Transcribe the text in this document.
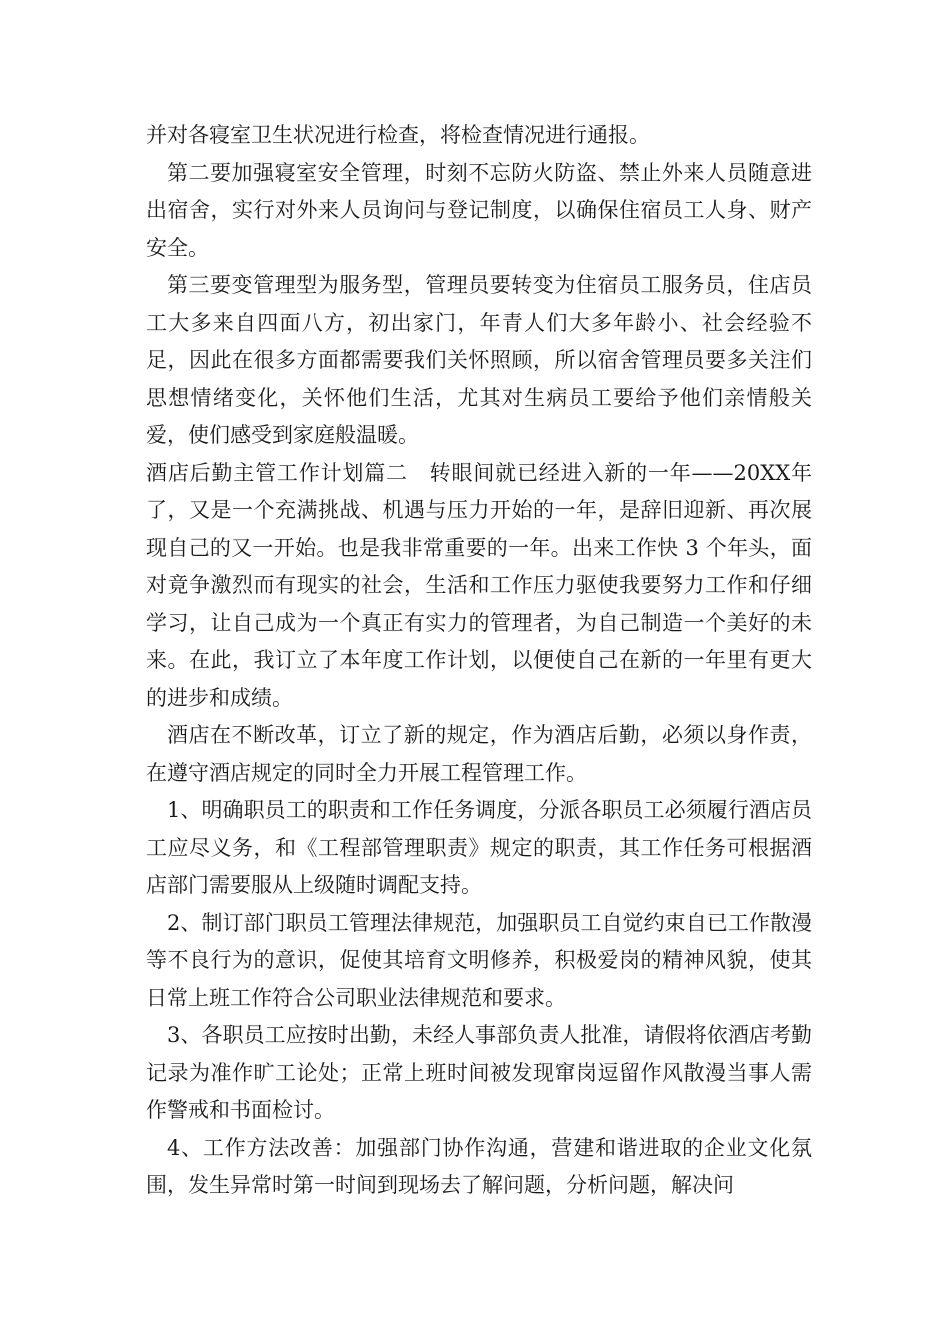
并对各寝室卫生状况进行检查，将检查情况进行通报。

第二要加强寝室安全管理，时刻不忘防火防盗、禁止外来人员随意进出宿舍，实行对外来人员询问与登记制度，以确保住宿员工人身、财产安全。

第三要变管理型为服务型，管理员要转变为住宿员工服务员，住店员工大多来自四面八方，初出家门，年青人们大多年龄小、社会经验不足，因此在很多方面都需要我们关怀照顾，所以宿舍管理员要多关注们思想情绪变化，关怀他们生活，尤其对生病员工要给予他们亲情般关爱，使们感受到家庭般温暖。

酒店后勤主管工作计划篇二　转眼间就已经进入新的一年——20XX年了，又是一个充满挑战、机遇与压力开始的一年，是辞旧迎新、再次展现自己的又一开始。也是我非常重要的一年。出来工作快 3 个年头，面对竟争激烈而有现实的社会，生活和工作压力驱使我要努力工作和仔细学习，让自己成为一个真正有实力的管理者，为自己制造一个美好的未来。在此，我订立了本年度工作计划，以便使自己在新的一年里有更大的进步和成绩。

酒店在不断改革，订立了新的规定，作为酒店后勤，必须以身作责，在遵守酒店规定的同时全力开展工程管理工作。

1、明确职员工的职责和工作任务调度，分派各职员工必须履行酒店员工应尽义务，和《工程部管理职责》规定的职责，其工作任务可根据酒店部门需要服从上级随时调配支持。

2、制订部门职员工管理法律规范，加强职员工自觉约束自已工作散漫等不良行为的意识，促使其培育文明修养，积极爱岗的精神风貌，使其日常上班工作符合公司职业法律规范和要求。

3、各职员工应按时出勤，未经人事部负责人批准，请假将依酒店考勤记录为准作旷工论处；正常上班时间被发现窜岗逗留作风散漫当事人需作警戒和书面检讨。

4、工作方法改善：加强部门协作沟通，营建和谐进取的企业文化氛围，发生异常时第一时间到现场去了解问题，分析问题，解决问
